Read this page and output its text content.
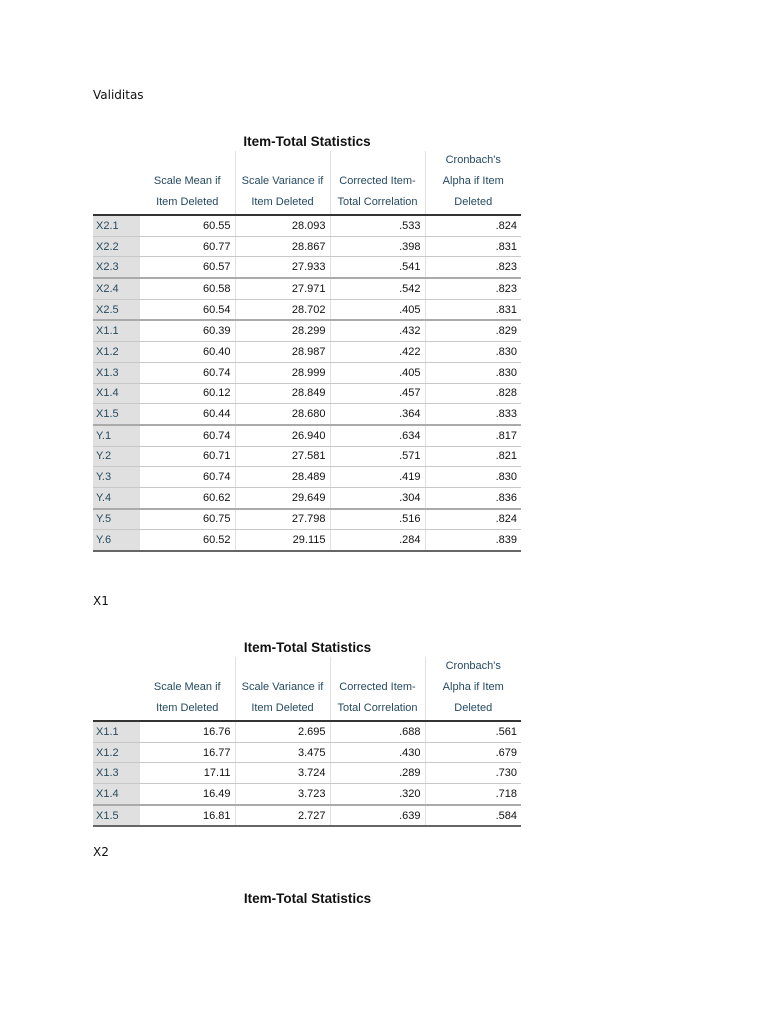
Validitas
Item-Total Statistics
				Cronbach's
	Scale Mean if	Scale Variance if	Corrected Item-	Alpha if Item
	Item Deleted	Item Deleted	Total Correlation	Deleted
X2.1	60.55	28.093	.533	.824
X2.2	60.77	28.867	.398	.831
X2.3	60.57	27.933	.541	.823
X2.4	60.58	27.971	.542	.823
X2.5	60.54	28.702	.405	.831
X1.1	60.39	28.299	.432	.829
X1.2	60.40	28.987	.422	.830
X1.3	60.74	28.999	.405	.830
X1.4	60.12	28.849	.457	.828
X1.5	60.44	28.680	.364	.833
Y.1	60.74	26.940	.634	.817
Y.2	60.71	27.581	.571	.821
Y.3	60.74	28.489	.419	.830
Y.4	60.62	29.649	.304	.836
Y.5	60.75	27.798	.516	.824
Y.6	60.52	29.115	.284	.839
X1
Item-Total Statistics
				Cronbach's
	Scale Mean if	Scale Variance if	Corrected Item-	Alpha if Item
	Item Deleted	Item Deleted	Total Correlation	Deleted
X1.1	16.76	2.695	.688	.561
X1.2	16.77	3.475	.430	.679
X1.3	17.11	3.724	.289	.730
X1.4	16.49	3.723	.320	.718
X1.5	16.81	2.727	.639	.584
X2
Item-Total Statistics
